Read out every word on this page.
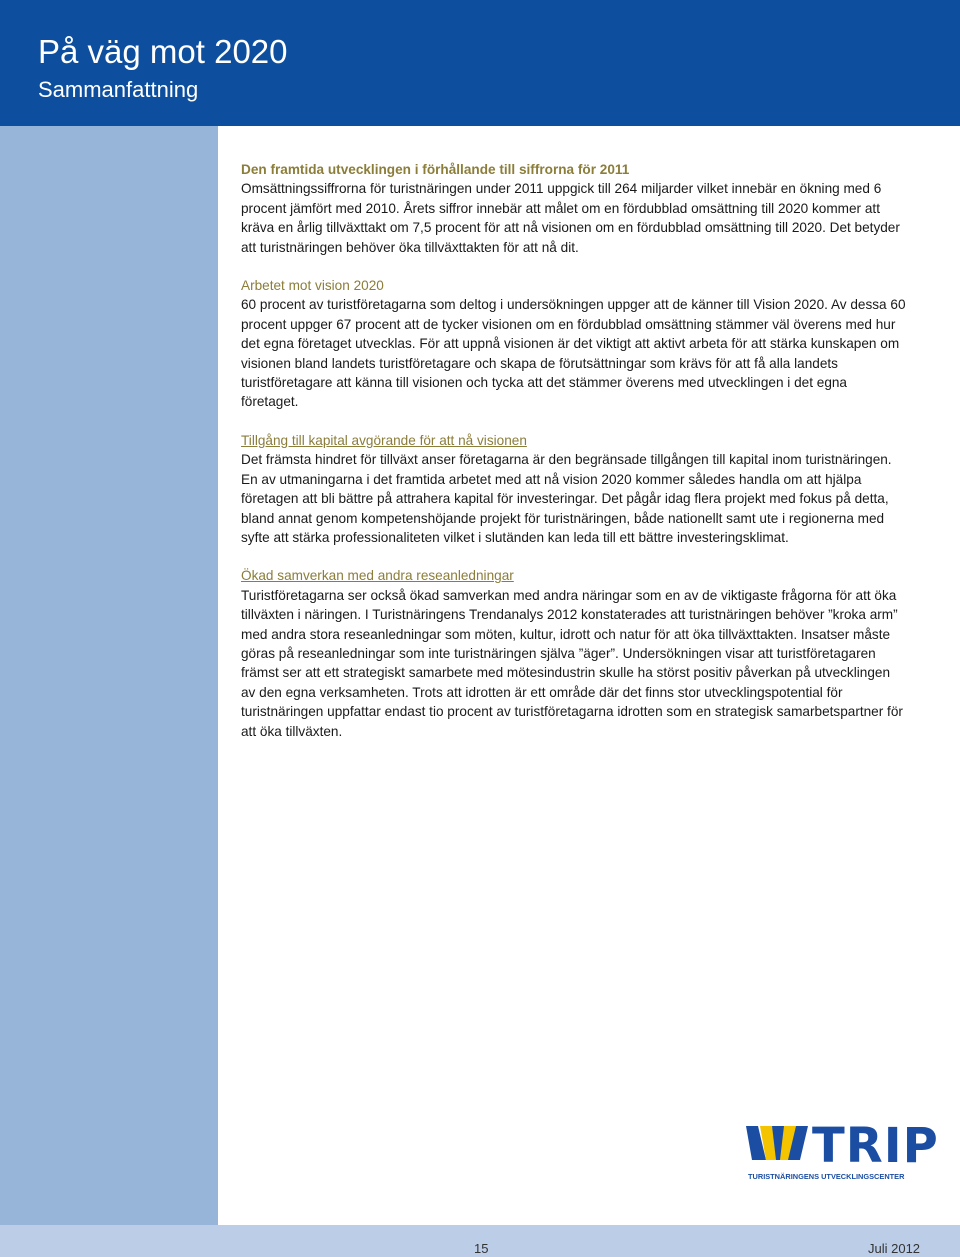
På väg mot 2020
Sammanfattning
Den framtida utvecklingen i förhållande till siffrorna för 2011

Omsättningssiffrorna för turistnäringen under 2011 uppgick till 264 miljarder vilket innebär en ökning med 6 procent jämfört med 2010. Årets siffror innebär att målet om en fördubblad omsättning till 2020 kommer att kräva en årlig tillväxttakt om 7,5 procent för att nå visionen om en fördubblad omsättning till 2020. Det betyder att turistnäringen behöver öka tillväxttakten för att nå dit.

Arbetet mot vision 2020

60 procent av turistföretagarna som deltog i undersökningen uppger att de känner till Vision 2020. Av dessa 60 procent uppger 67 procent att de tycker visionen om en fördubblad omsättning stämmer väl överens med hur det egna företaget utvecklas. För att uppnå visionen är det viktigt att aktivt arbeta för att stärka kunskapen om visionen bland landets turistföretagare och skapa de förutsättningar som krävs för att få alla landets turistföretagare att känna till visionen och tycka att det stämmer överens med utvecklingen i det egna företaget.

Tillgång till kapital avgörande för att nå visionen

Det främsta hindret för tillväxt anser företagarna är den begränsade tillgången till kapital inom turistnäringen. En av utmaningarna i det framtida arbetet med att nå vision 2020 kommer således handla om att hjälpa företagen att bli bättre på attrahera kapital för investeringar. Det pågår idag flera projekt med fokus på detta, bland annat genom kompetenshöjande projekt för turistnäringen, både nationellt samt ute i regionerna med syfte att stärka professionaliteten vilket i slutänden kan leda till ett bättre investeringsklimat.

Ökad samverkan med andra reseanledningar

Turistföretagarna ser också ökad samverkan med andra näringar som en av de viktigaste frågorna för att öka tillväxten i näringen. I Turistnäringens Trendanalys 2012 konstaterades att turistnäringen behöver ”kroka arm” med andra stora reseanledningar som möten, kultur, idrott och natur för att öka tillväxttakten. Insatser måste göras på reseanledningar som inte turistnäringen själva ”äger”. Undersökningen visar att turistföretagaren främst ser att ett strategiskt samarbete med mötesindustrin skulle ha störst positiv påverkan på utvecklingen av den egna verksamheten. Trots att idrotten är ett område där det finns stor utvecklingspotential för turistnäringen uppfattar endast tio procent av turistföretagarna idrotten som en strategisk samarbetspartner för att öka tillväxten.

TRIP
TURISTNÄRINGENS UTVECKLINGSCENTER
15	Juli 2012
